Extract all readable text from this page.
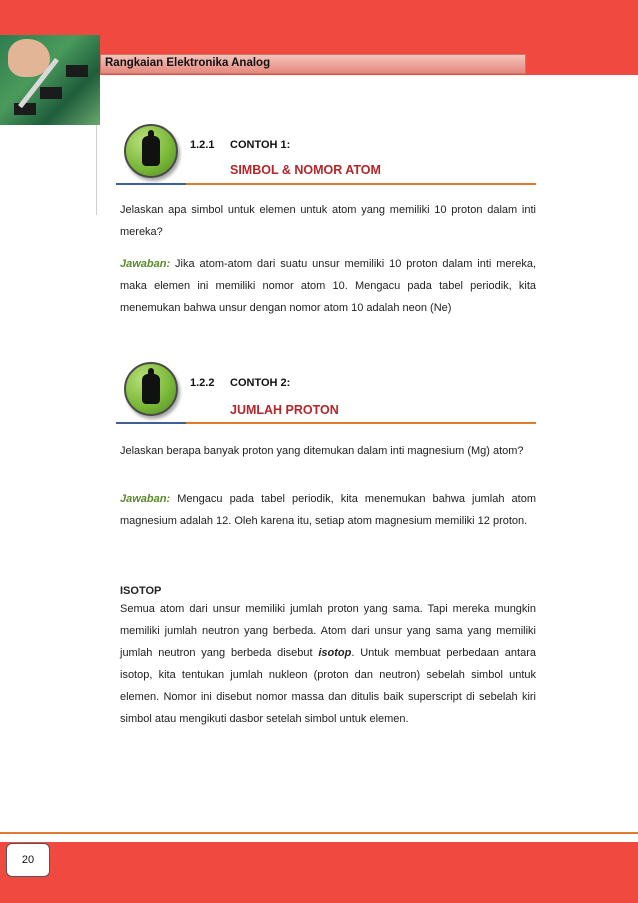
Rangkaian Elektronika Analog
1.2.1 CONTOH 1:
SIMBOL & NOMOR ATOM
Jelaskan apa simbol untuk elemen untuk atom yang memiliki 10 proton dalam inti mereka?
Jawaban: Jika atom-atom dari suatu unsur memiliki 10 proton dalam inti mereka, maka elemen ini memiliki nomor atom 10. Mengacu pada tabel periodik, kita menemukan bahwa unsur dengan nomor atom 10 adalah neon (Ne)
1.2.2 CONTOH 2:
JUMLAH PROTON
Jelaskan berapa banyak proton yang ditemukan dalam inti magnesium (Mg) atom?
Jawaban: Mengacu pada tabel periodik, kita menemukan bahwa jumlah atom magnesium adalah 12. Oleh karena itu, setiap atom magnesium memiliki 12 proton.
ISOTOP
Semua atom dari unsur memiliki jumlah proton yang sama. Tapi mereka mungkin memiliki jumlah neutron yang berbeda. Atom dari unsur yang sama yang memiliki jumlah neutron yang berbeda disebut isotop. Untuk membuat perbedaan antara isotop, kita tentukan jumlah nukleon (proton dan neutron) sebelah simbol untuk elemen. Nomor ini disebut nomor massa dan ditulis baik superscript di sebelah kiri simbol atau mengikuti dasbor setelah simbol untuk elemen.
20
